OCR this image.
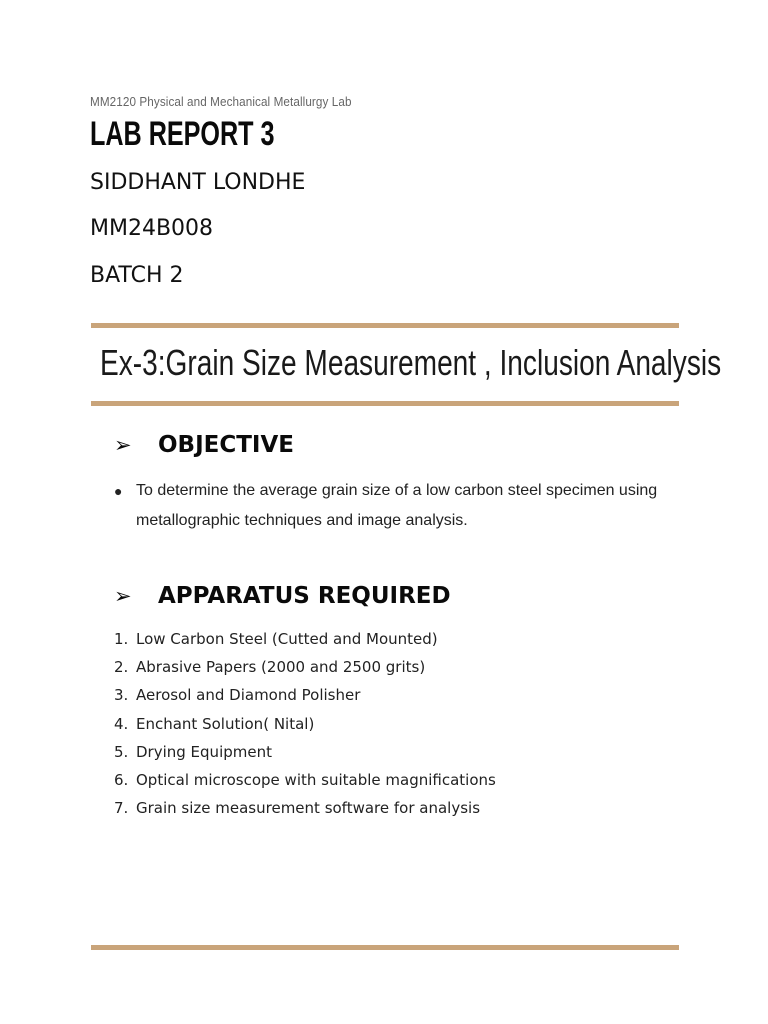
MM2120 Physical and Mechanical Metallurgy Lab
LAB REPORT 3
SIDDHANT LONDHE
MM24B008
BATCH 2
Ex-3:Grain Size Measurement , Inclusion Analysis
➢ OBJECTIVE
● To determine the average grain size of a low carbon steel specimen using metallographic techniques and image analysis.
➢ APPARATUS REQUIRED
1. Low Carbon Steel (Cutted and Mounted)
2. Abrasive Papers (2000 and 2500 grits)
3. Aerosol and Diamond Polisher
4. Enchant Solution( Nital)
5. Drying Equipment
6. Optical microscope with suitable magnifications
7. Grain size measurement software for analysis
